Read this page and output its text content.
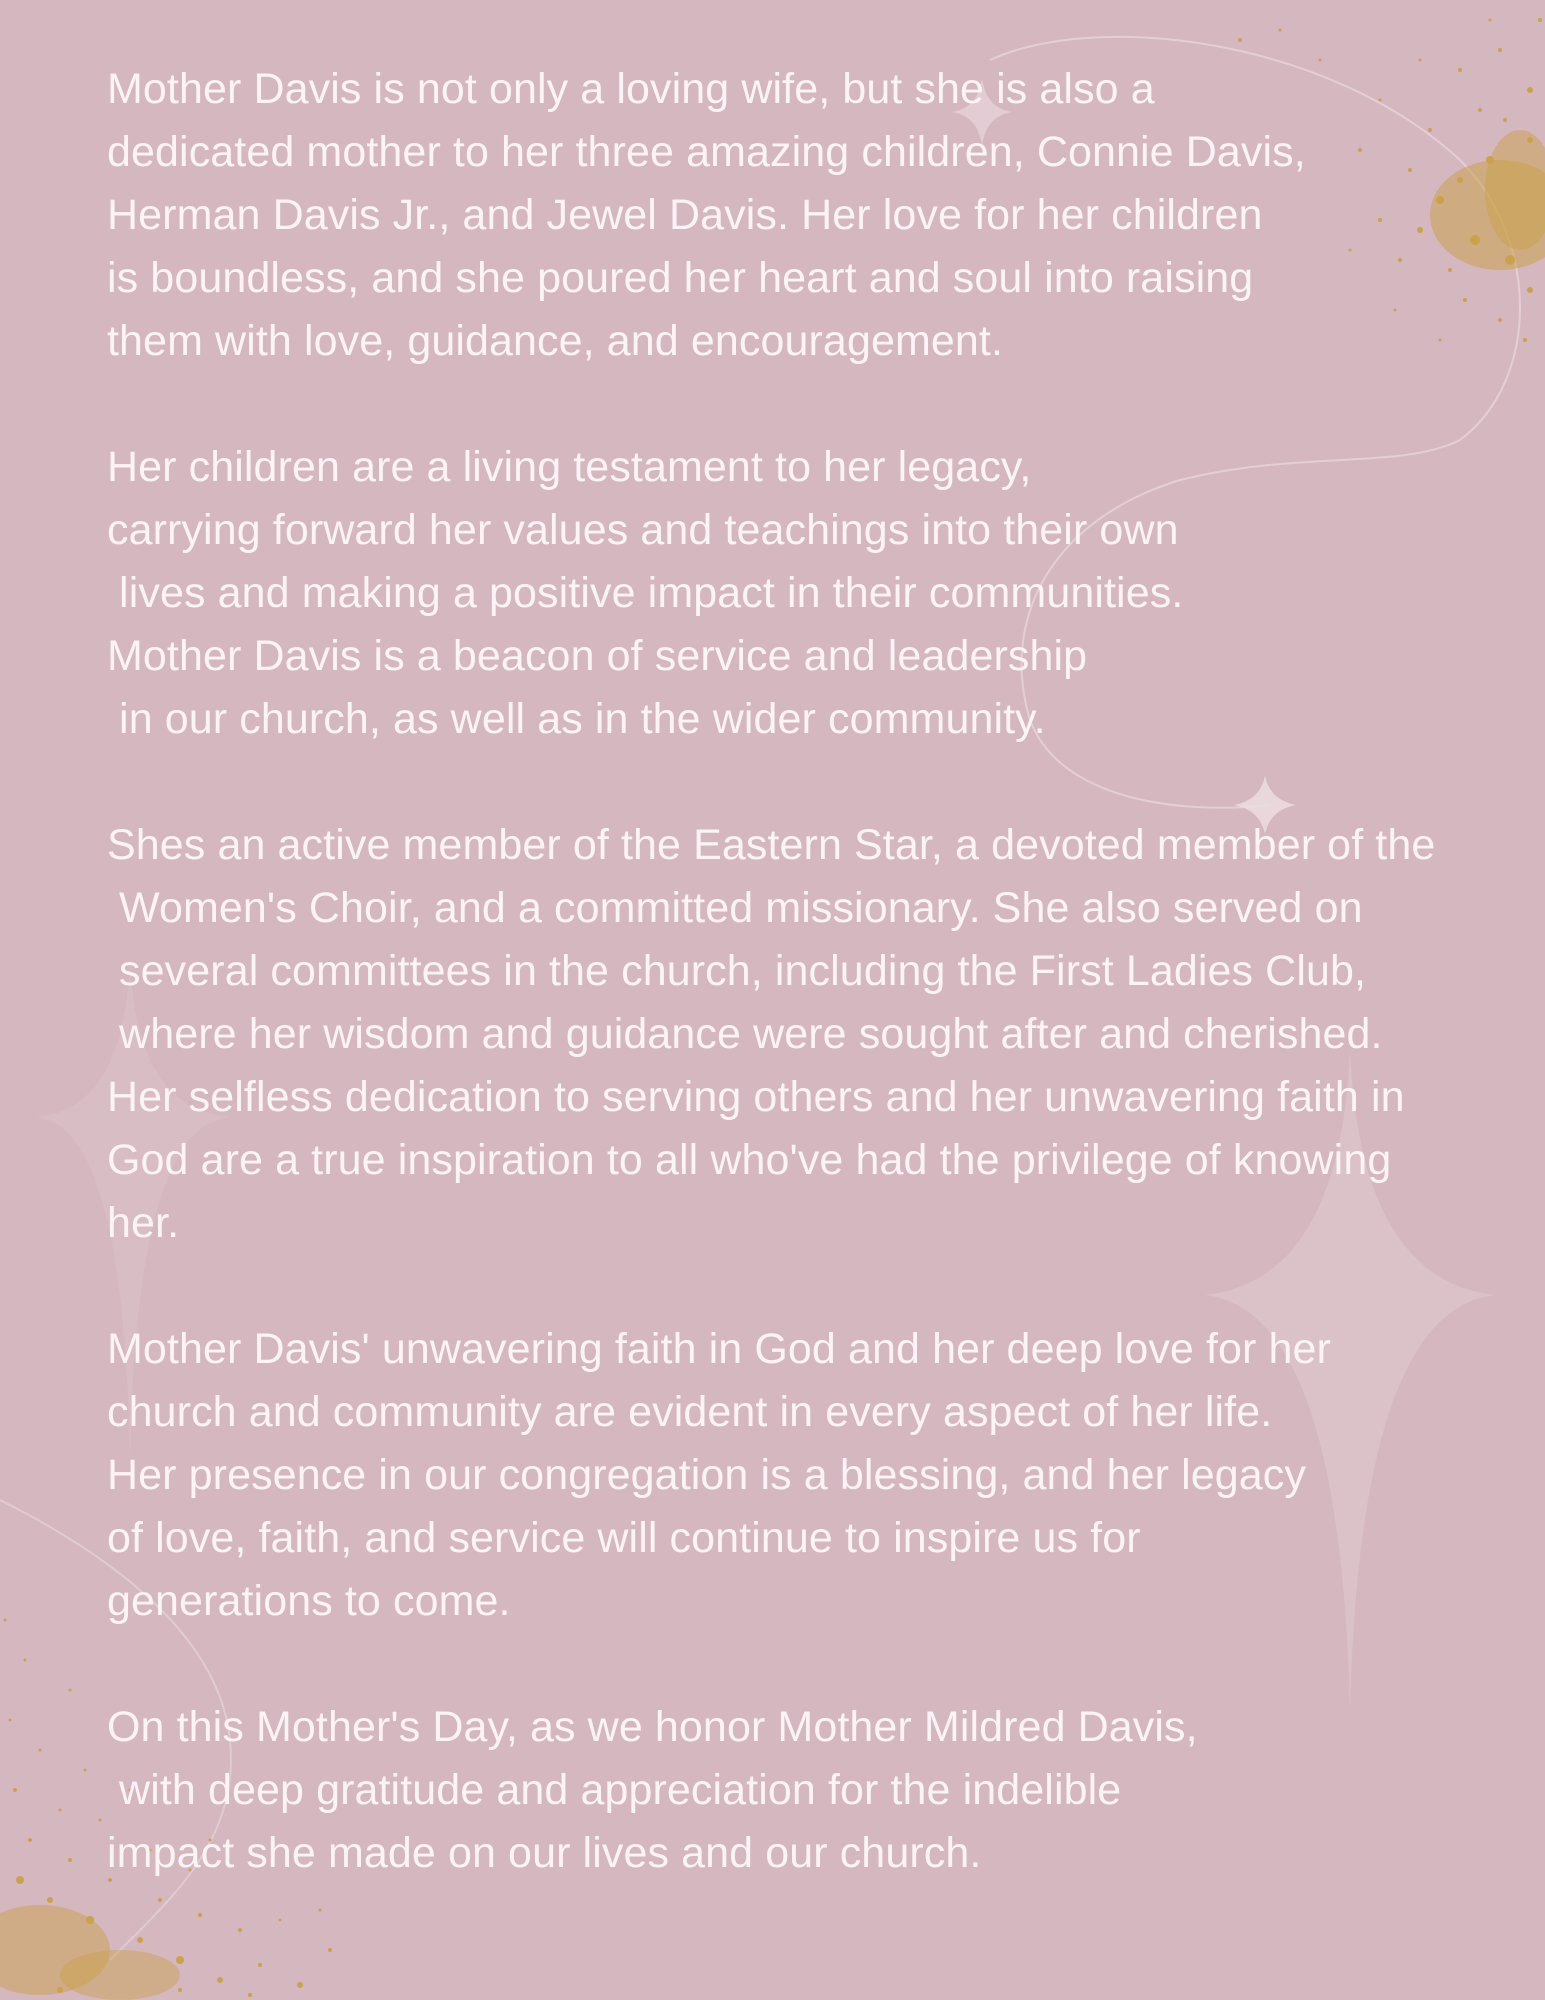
Mother Davis is not only a loving wife, but she is also a
dedicated mother to her three amazing children, Connie Davis,
Herman Davis Jr., and Jewel Davis. Her love for her children
is boundless, and she poured her heart and soul into raising
them with love, guidance, and encouragement.
Her children are a living testament to her legacy,
carrying forward her values and teachings into their own
lives and making a positive impact in their communities.
Mother Davis is a beacon of service and leadership
in our church, as well as in the wider community.
Shes an active member of the Eastern Star, a devoted member of the
Women's Choir, and a committed missionary. She also served on
several committees in the church, including the First Ladies Club,
where her wisdom and guidance were sought after and cherished.
Her selfless dedication to serving others and her unwavering faith in
God are a true inspiration to all who've had the privilege of knowing
her.
Mother Davis' unwavering faith in God and her deep love for her
church and community are evident in every aspect of her life.
Her presence in our congregation is a blessing, and her legacy
of love, faith, and service will continue to inspire us for
generations to come.
On this Mother's Day, as we honor Mother Mildred Davis,
with deep gratitude and appreciation for the indelible
impact she made on our lives and our church.
